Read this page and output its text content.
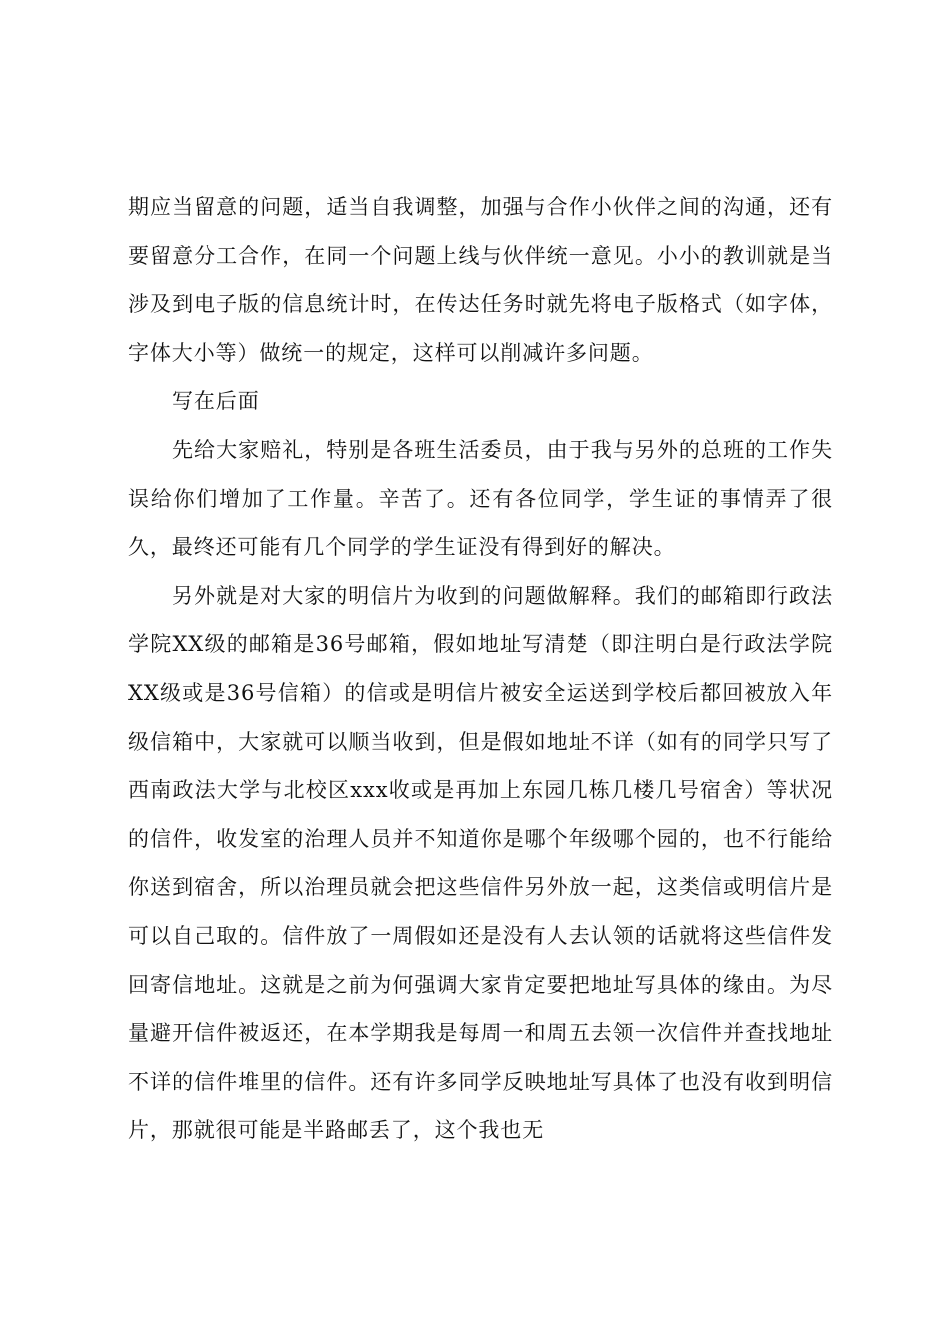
期应当留意的问题，适当自我调整，加强与合作小伙伴之间的沟通，还有要留意分工合作，在同一个问题上线与伙伴统一意见。小小的教训就是当涉及到电子版的信息统计时，在传达任务时就先将电子版格式（如字体，字体大小等）做统一的规定，这样可以削减许多问题。

写在后面

先给大家赔礼，特别是各班生活委员，由于我与另外的总班的工作失误给你们增加了工作量。辛苦了。还有各位同学，学生证的事情弄了很久，最终还可能有几个同学的学生证没有得到好的解决。

另外就是对大家的明信片为收到的问题做解释。我们的邮箱即行政法学院XX级的邮箱是36号邮箱，假如地址写清楚（即注明白是行政法学院XX级或是36号信箱）的信或是明信片被安全运送到学校后都回被放入年级信箱中，大家就可以顺当收到，但是假如地址不详（如有的同学只写了西南政法大学与北校区xxx收或是再加上东园几栋几楼几号宿舍）等状况的信件，收发室的治理人员并不知道你是哪个年级哪个园的，也不行能给你送到宿舍，所以治理员就会把这些信件另外放一起，这类信或明信片是可以自己取的。信件放了一周假如还是没有人去认领的话就将这些信件发回寄信地址。这就是之前为何强调大家肯定要把地址写具体的缘由。为尽量避开信件被返还，在本学期我是每周一和周五去领一次信件并查找地址不详的信件堆里的信件。还有许多同学反映地址写具体了也没有收到明信片，那就很可能是半路邮丢了，这个我也无
